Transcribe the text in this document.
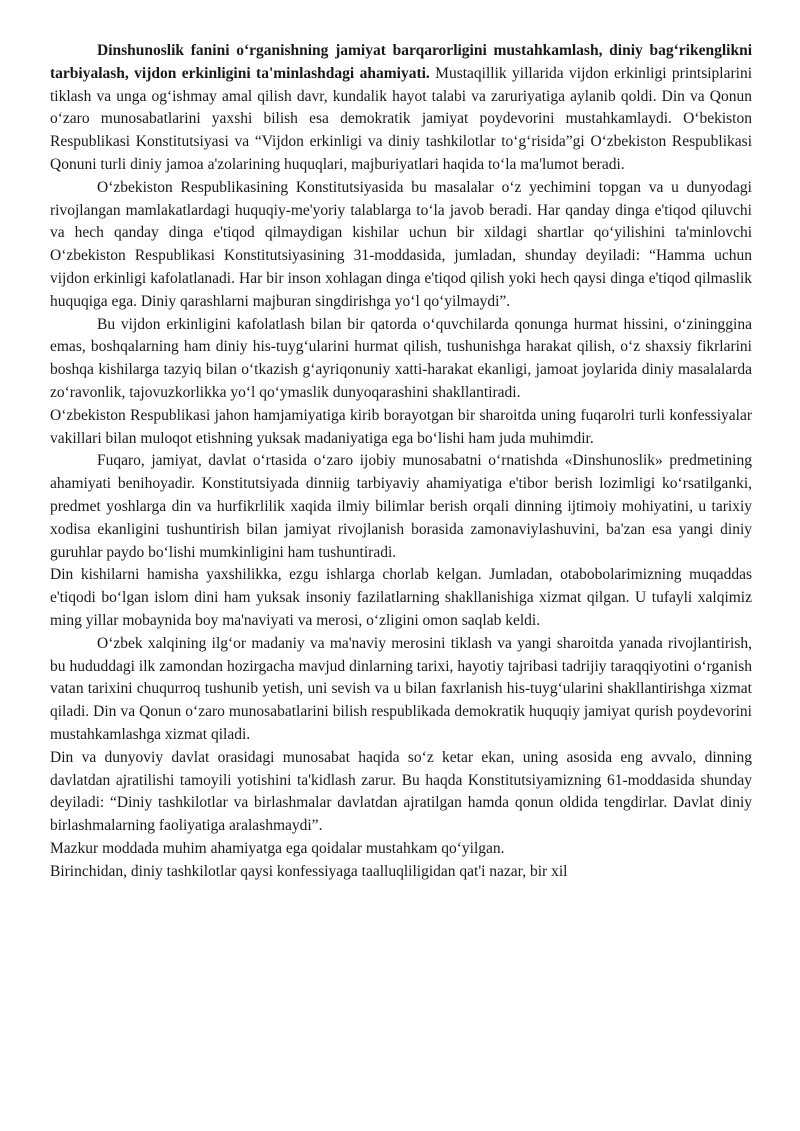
Dinshunoslik fanini o‘rganishning jamiyat barqarorligini mustahkamlash, diniy bag‘rikenglikni tarbiyalash, vijdon erkinligini ta'minlashdagi ahamiyati. Mustaqillik yillarida vijdon erkinligi printsiplarini tiklash va unga og‘ishmay amal qilish davr, kundalik hayot talabi va zaruriyatiga aylanib qoldi. Din va Qonun o‘zaro munosabatlarini yaxshi bilish esa demokratik jamiyat poydevorini mustahkamlaydi. O‘bekiston Respublikasi Konstitutsiyasi va “Vijdon erkinligi va diniy tashkilotlar to‘g‘risida”gi O‘zbekiston Respublikasi Qonuni turli diniy jamoa a'zolarining huquqlari, majburiyatlari haqida to‘la ma'lumot beradi.

O‘zbekiston Respublikasining Konstitutsiyasida bu masalalar o‘z yechimini topgan va u dunyodagi rivojlangan mamlakatlardagi huquqiy-me'yoriy talablarga to‘la javob beradi. Har qanday dinga e'tiqod qiluvchi va hech qanday dinga e'tiqod qilmaydigan kishilar uchun bir xildagi shartlar qo‘yilishini ta'minlovchi O‘zbekiston Respublikasi Konstitutsiyasining 31-moddasida, jumladan, shunday deyiladi: “Hamma uchun vijdon erkinligi kafolatlanadi. Har bir inson xohlagan dinga e'tiqod qilish yoki hech qaysi dinga e'tiqod qilmaslik huquqiga ega. Diniy qarashlarni majburan singdirishga yo‘l qo‘yilmaydi”.

Bu vijdon erkinligini kafolatlash bilan bir qatorda o‘quvchilarda qonunga hurmat hissini, o‘zininggina emas, boshqalarning ham diniy his-tuyg‘ularini hurmat qilish, tushunishga harakat qilish, o‘z shaxsiy fikrlarini boshqa kishilarga tazyiq bilan o‘tkazish g‘ayriqonuniy xatti-harakat ekanligi, jamoat joylarida diniy masalalarda zo‘ravonlik, tajovuzkorlikka yo‘l qo‘ymaslik dunyoqarashini shakllantiradi.

O‘zbekiston Respublikasi jahon hamjamiyatiga kirib borayotgan bir sharoitda uning fuqarolri turli konfessiyalar vakillari bilan muloqot etishning yuksak madaniyatiga ega bo‘lishi ham juda muhimdir.

Fuqaro, jamiyat, davlat o‘rtasida o‘zaro ijobiy munosabatni o‘rnatishda «Dinshunoslik» predmetining ahamiyati benihoyadir. Konstitutsiyada dinniig tarbiyaviy ahamiyatiga e'tibor berish lozimligi ko‘rsatilganki, predmet yoshlarga din va hurfikrlilik xaqida ilmiy bilimlar berish orqali dinning ijtimoiy mohiyatini, u tarixiy xodisa ekanligini tushuntirish bilan jamiyat rivojlanish borasida zamonaviylashuvini, ba'zan esa yangi diniy guruhlar paydo bo‘lishi mumkinligini ham tushuntiradi.

Din kishilarni hamisha yaxshilikka, ezgu ishlarga chorlab kelgan. Jumladan, otabobolarimizning muqaddas e'tiqodi bo‘lgan islom dini ham yuksak insoniy fazilatlarning shakllanishiga xizmat qilgan. U tufayli xalqimiz ming yillar mobaynida boy ma'naviyati va merosi, o‘zligini omon saqlab keldi.

O‘zbek xalqining ilg‘or madaniy va ma'naviy merosini tiklash va yangi sharoitda yanada rivojlantirish, bu hududdagi ilk zamondan hozirgacha mavjud dinlarning tarixi, hayotiy tajribasi tadrijiy taraqqiyotini o‘rganish vatan tarixini chuqurroq tushunib yetish, uni sevish va u bilan faxrlanish his-tuyg‘ularini shakllantirishga xizmat qiladi. Din va Qonun o‘zaro munosabatlarini bilish respublikada demokratik huquqiy jamiyat qurish poydevorini mustahkamlashga xizmat qiladi.

Din va dunyoviy davlat orasidagi munosabat haqida so‘z ketar ekan, uning asosida eng avvalo, dinning davlatdan ajratilishi tamoyili yotishini ta'kidlash zarur. Bu haqda Konstitutsiyamizning 61-moddasida shunday deyiladi: “Diniy tashkilotlar va birlashmalar davlatdan ajratilgan hamda qonun oldida tengdirlar. Davlat diniy birlashmalarning faoliyatiga aralashmaydi”.

Mazkur moddada muhim ahamiyatga ega qoidalar mustahkam qo‘yilgan.

Birinchidan, diniy tashkilotlar qaysi konfessiyaga taalluqliligidan qat'i nazar, bir xil
